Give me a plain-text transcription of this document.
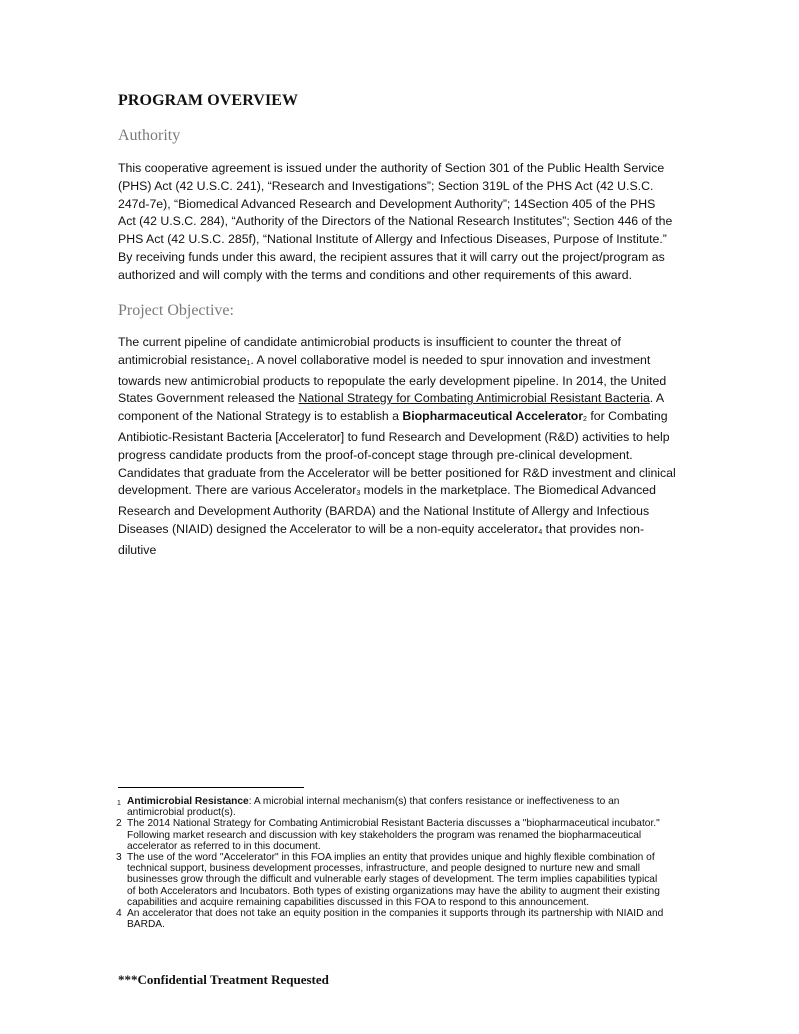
PROGRAM OVERVIEW
Authority
This cooperative agreement is issued under the authority of Section 301 of the Public Health Service
(PHS) Act (42 U.S.C. 241), “Research and Investigations”; Section 319L of the PHS Act (42 U.S.C.
247d-7e), “Biomedical Advanced Research and Development Authority”; 14Section 405 of the PHS
Act (42 U.S.C. 284), “Authority of the Directors of the National Research Institutes”; Section 446 of the
PHS Act (42 U.S.C. 285f), “National Institute of Allergy and Infectious Diseases, Purpose of Institute.”
By receiving funds under this award, the recipient assures that it will carry out the project/program as
authorized and will comply with the terms and conditions and other requirements of this award.
Project Objective:
The current pipeline of candidate antimicrobial products is insufficient to counter the threat of
antimicrobial resistance$_1$. A novel collaborative model is needed to spur innovation and investment
towards new antimicrobial products to repopulate the early development pipeline. In 2014, the United
States Government released the National Strategy for Combating Antimicrobial Resistant Bacteria. A
component of the National Strategy is to establish a Biopharmaceutical Accelerator$_2$ for Combating
Antibiotic-Resistant Bacteria [Accelerator] to fund Research and Development (R&D) activities to help
progress candidate products from the proof-of-concept stage through pre-clinical development.
Candidates that graduate from the Accelerator will be better positioned for R&D investment and clinical
development. There are various Accelerator$_3$ models in the marketplace. The Biomedical Advanced
Research and Development Authority (BARDA) and the National Institute of Allergy and Infectious
Diseases (NIAID) designed the Accelerator to will be a non-equity accelerator$_4$ that provides non-
dilutive
1 Antimicrobial Resistance: A microbial internal mechanism(s) that confers resistance or ineffectiveness to an
antimicrobial product(s).
2 The 2014 National Strategy for Combating Antimicrobial Resistant Bacteria discusses a "biopharmaceutical incubator."
Following market research and discussion with key stakeholders the program was renamed the biopharmaceutical
accelerator as referred to in this document.
3 The use of the word "Accelerator" in this FOA implies an entity that provides unique and highly flexible combination of
technical support, business development processes, infrastructure, and people designed to nurture new and small
businesses grow through the difficult and vulnerable early stages of development. The term implies capabilities typical
of both Accelerators and Incubators. Both types of existing organizations may have the ability to augment their existing
capabilities and acquire remaining capabilities discussed in this FOA to respond to this announcement.
4 An accelerator that does not take an equity position in the companies it supports through its partnership with NIAID and
BARDA.
***Confidential Treatment Requested
